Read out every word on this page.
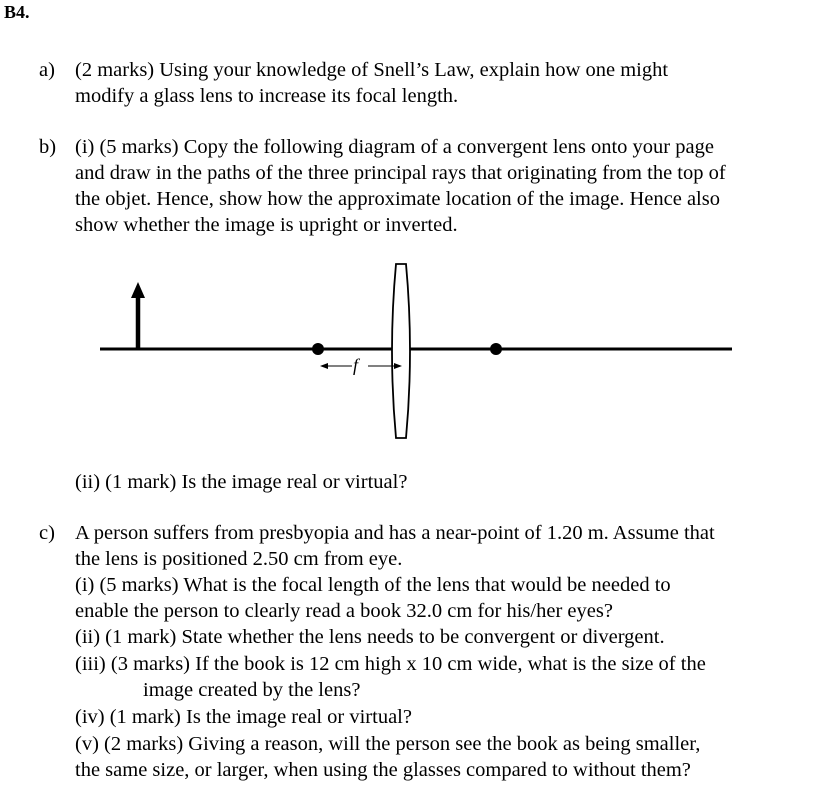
B4.
a) (2 marks) Using your knowledge of Snell’s Law, explain how one might
modify a glass lens to increase its focal length.
b) (i) (5 marks) Copy the following diagram of a convergent lens onto your page
and draw in the paths of the three principal rays that originating from the top of
the objet. Hence, show how the approximate location of the image. Hence also
show whether the image is upright or inverted.
f
(ii) (1 mark) Is the image real or virtual?
c) A person suffers from presbyopia and has a near-point of 1.20 m. Assume that
the lens is positioned 2.50 cm from eye.
(i) (5 marks) What is the focal length of the lens that would be needed to
enable the person to clearly read a book 32.0 cm for his/her eyes?
(ii) (1 mark) State whether the lens needs to be convergent or divergent.
(iii) (3 marks) If the book is 12 cm high x 10 cm wide, what is the size of the
image created by the lens?
(iv) (1 mark) Is the image real or virtual?
(v) (2 marks) Giving a reason, will the person see the book as being smaller,
the same size, or larger, when using the glasses compared to without them?
